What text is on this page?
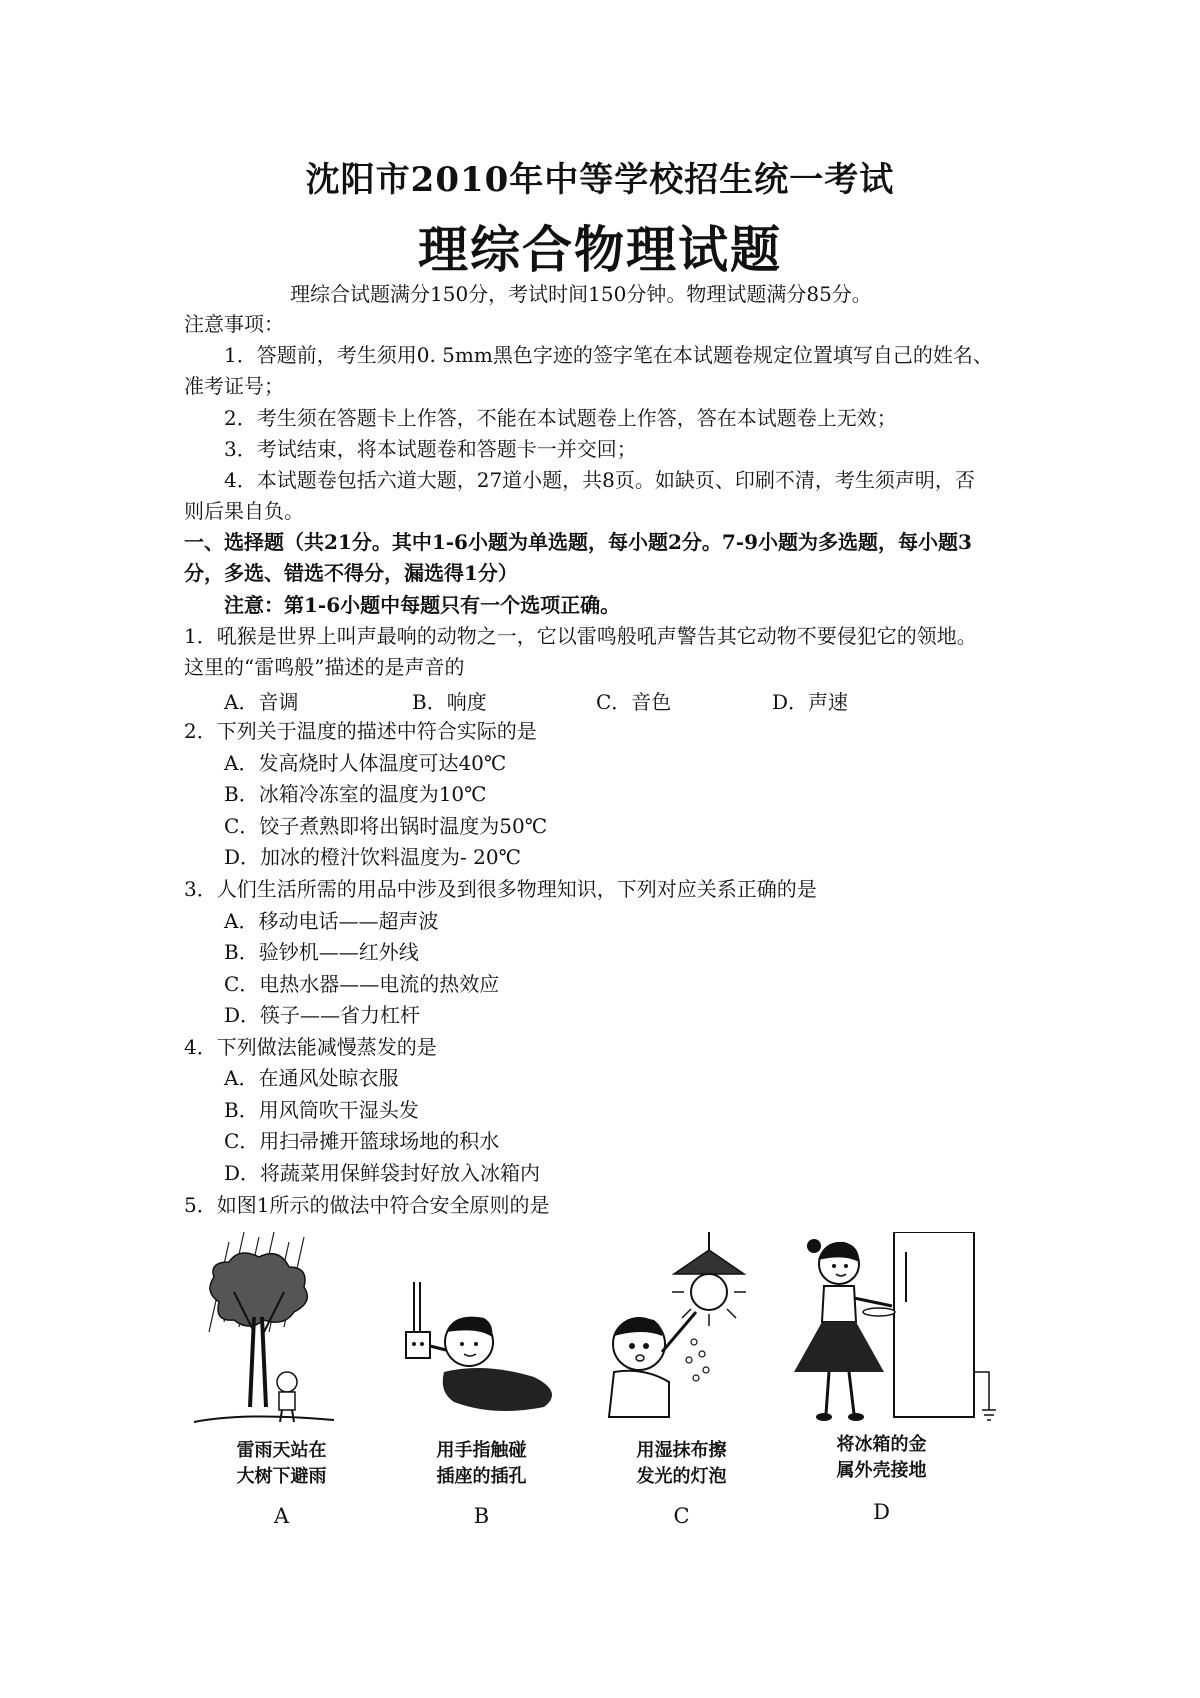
沈阳市2010年中等学校招生统一考试
理综合物理试题
理综合试题满分150分，考试时间150分钟。物理试题满分85分。
注意事项：
1．答题前，考生须用0. 5mm黑色字迹的签字笔在本试题卷规定位置填写自己的姓名、
准考证号；
2．考生须在答题卡上作答，不能在本试题卷上作答，答在本试题卷上无效；
3．考试结束，将本试题卷和答题卡一并交回；
4．本试题卷包括六道大题，27道小题，共8页。如缺页、印刷不清，考生须声明，否
则后果自负。
一、选择题（共21分。其中1-6小题为单选题，每小题2分。7-9小题为多选题，每小题3
分，多选、错选不得分，漏选得1分）
注意：第1-6小题中每题只有一个选项正确。
1．吼猴是世界上叫声最响的动物之一，它以雷鸣般吼声警告其它动物不要侵犯它的领地。
这里的“雷鸣般”描述的是声音的
A．音调	B．响度	C．音色	D．声速
2．下列关于温度的描述中符合实际的是
A．发高烧时人体温度可达40℃
B．冰箱冷冻室的温度为10℃
C．饺子煮熟即将出锅时温度为50℃
D．加冰的橙汁饮料温度为- 20℃
3．人们生活所需的用品中涉及到很多物理知识，下列对应关系正确的是
A．移动电话——超声波
B．验钞机——红外线
C．电热水器——电流的热效应
D．筷子——省力杠杆
4．下列做法能减慢蒸发的是
A．在通风处晾衣服
B．用风筒吹干湿头发
C．用扫帚摊开篮球场地的积水
D．将蔬菜用保鲜袋封好放入冰箱内
5．如图1所示的做法中符合安全原则的是
雷雨天站在
大树下避雨
A
用手指触碰
插座的插孔
B
用湿抹布擦
发光的灯泡
C
将冰箱的金
属外壳接地
D
